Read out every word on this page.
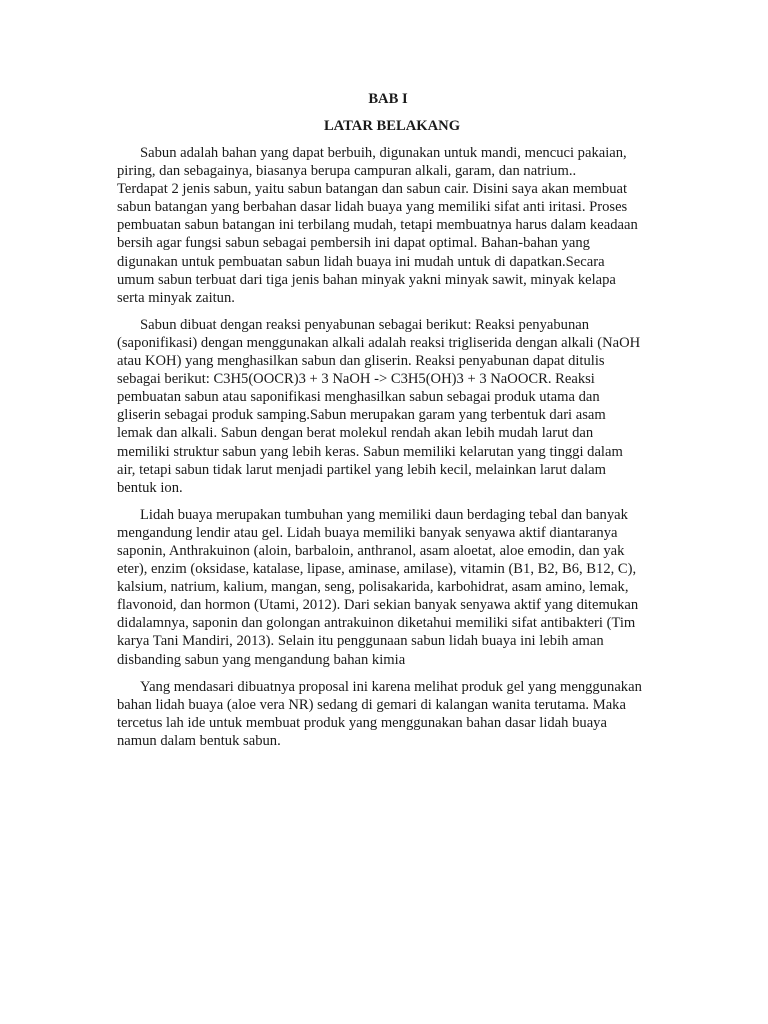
BAB I
LATAR BELAKANG
Sabun adalah bahan yang dapat berbuih, digunakan untuk mandi, mencuci pakaian,
piring, dan sebagainya, biasanya berupa campuran alkali, garam, dan natrium..
Terdapat 2 jenis sabun, yaitu sabun batangan dan sabun cair. Disini saya akan membuat
sabun batangan yang berbahan dasar lidah buaya yang memiliki sifat anti iritasi. Proses
pembuatan sabun batangan ini terbilang mudah, tetapi membuatnya harus dalam keadaan
bersih agar fungsi sabun sebagai pembersih ini dapat optimal. Bahan-bahan yang
digunakan untuk pembuatan sabun lidah buaya ini mudah untuk di dapatkan.Secara
umum sabun terbuat dari tiga jenis bahan minyak yakni minyak sawit, minyak kelapa
serta minyak zaitun.
Sabun dibuat dengan reaksi penyabunan sebagai berikut: Reaksi penyabunan
(saponifikasi) dengan menggunakan alkali adalah reaksi trigliserida dengan alkali (NaOH
atau KOH) yang menghasilkan sabun dan gliserin. Reaksi penyabunan dapat ditulis
sebagai berikut: C3H5(OOCR)3 + 3 NaOH -> C3H5(OH)3 + 3 NaOOCR. Reaksi
pembuatan sabun atau saponifikasi menghasilkan sabun sebagai produk utama dan
gliserin sebagai produk samping.Sabun merupakan garam yang terbentuk dari asam
lemak dan alkali. Sabun dengan berat molekul rendah akan lebih mudah larut dan
memiliki struktur sabun yang lebih keras. Sabun memiliki kelarutan yang tinggi dalam
air, tetapi sabun tidak larut menjadi partikel yang lebih kecil, melainkan larut dalam
bentuk ion.
Lidah buaya merupakan tumbuhan yang memiliki daun berdaging tebal dan banyak
mengandung lendir atau gel. Lidah buaya memiliki banyak senyawa aktif diantaranya
saponin, Anthrakuinon (aloin, barbaloin, anthranol, asam aloetat, aloe emodin, dan yak
eter), enzim (oksidase, katalase, lipase, aminase, amilase), vitamin (B1, B2, B6, B12, C),
kalsium, natrium, kalium, mangan, seng, polisakarida, karbohidrat, asam amino, lemak,
flavonoid, dan hormon (Utami, 2012). Dari sekian banyak senyawa aktif yang ditemukan
didalamnya, saponin dan golongan antrakuinon diketahui memiliki sifat antibakteri (Tim
karya Tani Mandiri, 2013). Selain itu penggunaan sabun lidah buaya ini lebih aman
disbanding sabun yang mengandung bahan kimia
Yang mendasari dibuatnya proposal ini karena melihat produk gel yang menggunakan
bahan lidah buaya (aloe vera NR) sedang di gemari di kalangan wanita terutama. Maka
tercetus lah ide untuk membuat produk yang menggunakan bahan dasar lidah buaya
namun dalam bentuk sabun.
